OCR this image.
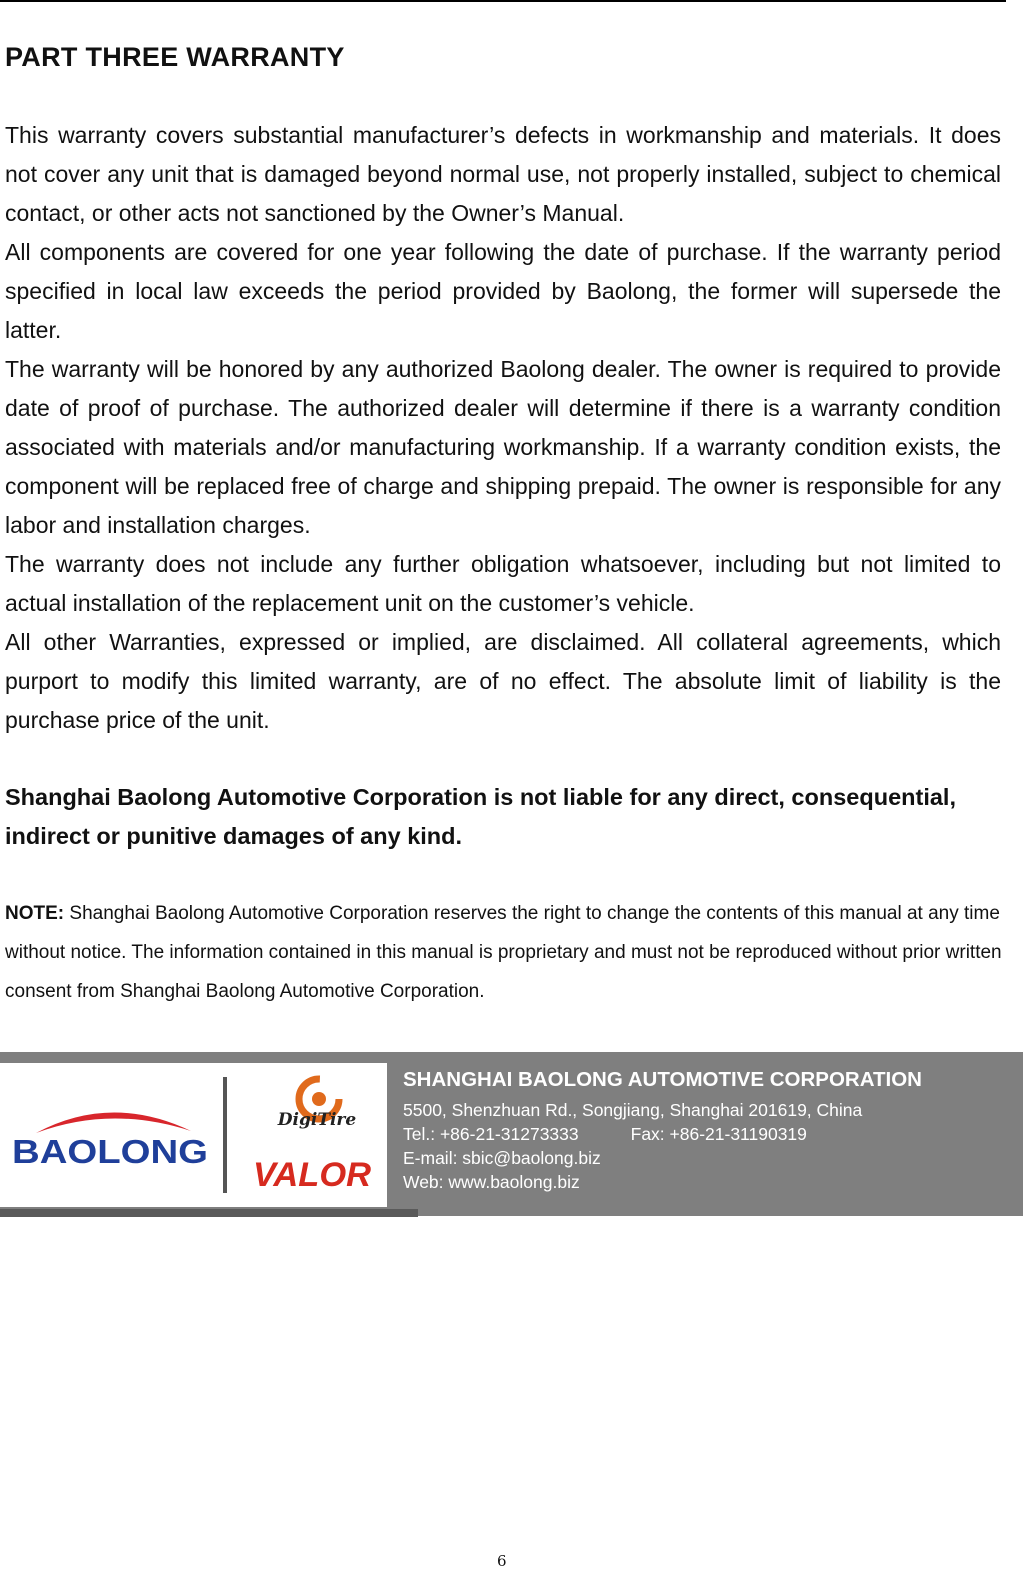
PART THREE WARRANTY

This warranty covers substantial manufacturer’s defects in workmanship and materials. It does not cover any unit that is damaged beyond normal use, not properly installed, subject to chemical contact, or other acts not sanctioned by the Owner’s Manual.

All components are covered for one year following the date of purchase. If the warranty period specified in local law exceeds the period provided by Baolong, the former will supersede the latter.

The warranty will be honored by any authorized Baolong dealer. The owner is required to provide date of proof of purchase. The authorized dealer will determine if there is a warranty condition associated with materials and/or manufacturing workmanship. If a warranty condition exists, the component will be replaced free of charge and shipping prepaid. The owner is responsible for any labor and installation charges.

The warranty does not include any further obligation whatsoever, including but not limited to actual installation of the replacement unit on the customer’s vehicle.

All other Warranties, expressed or implied, are disclaimed. All collateral agreements, which purport to modify this limited warranty, are of no effect. The absolute limit of liability is the purchase price of the unit.

Shanghai Baolong Automotive Corporation is not liable for any direct, consequential, indirect or punitive damages of any kind.
NOTE: Shanghai Baolong Automotive Corporation reserves the right to change the contents of this manual at any time without notice. The information contained in this manual is proprietary and must not be reproduced without prior written consent from Shanghai Baolong Automotive Corporation.
BAOLONG
DigiTire
VALOR

SHANGHAI BAOLONG AUTOMOTIVE CORPORATION

5500, Shenzhuan Rd., Songjiang, Shanghai 201619, China

Tel.: +86-21-31273333	Fax: +86-21-31190319

E-mail: sbic@baolong.biz

Web: www.baolong.biz

6
